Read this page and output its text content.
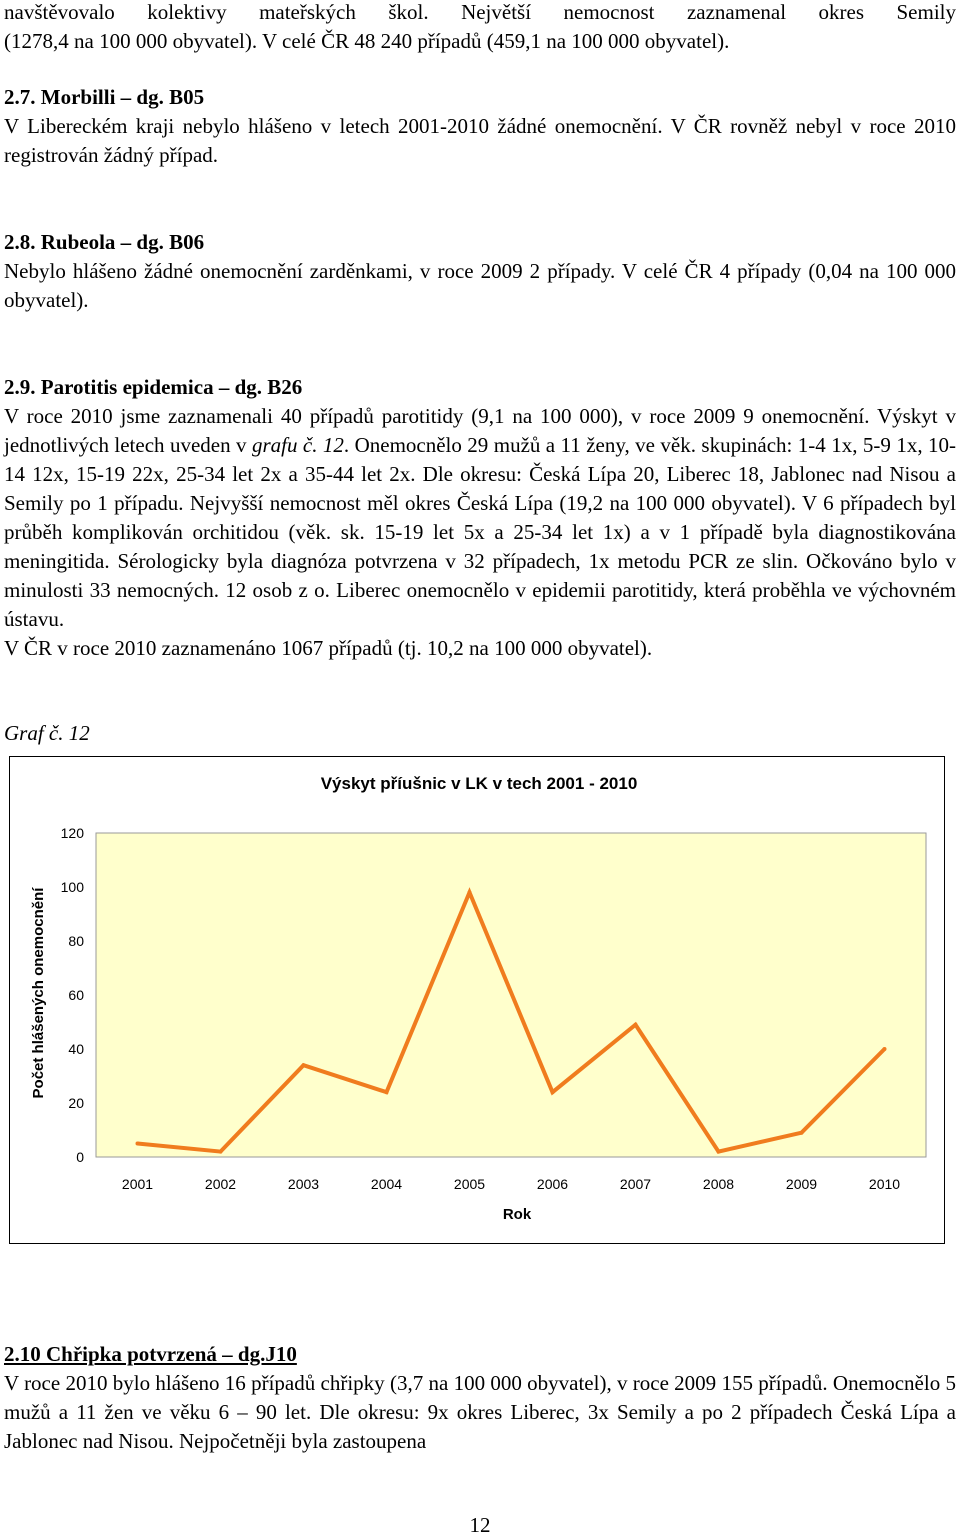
navštěvovalo kolektivy mateřských škol. Největší nemocnost zaznamenal okres Semily

(1278,4 na 100 000 obyvatel). V celé ČR 48 240 případů (459,1 na 100 000 obyvatel).

2.7. Morbilli – dg. B05

V Libereckém kraji nebylo hlášeno v letech 2001-2010 žádné onemocnění. V ČR rovněž nebyl v roce 2010 registrován žádný případ.

2.8. Rubeola – dg. B06

Nebylo hlášeno žádné onemocnění zarděnkami, v roce 2009 2 případy. V celé ČR 4 případy (0,04 na 100 000 obyvatel).

2.9. Parotitis epidemica – dg. B26

V roce 2010 jsme zaznamenali 40 případů parotitidy (9,1 na 100 000), v roce 2009 9 onemocnění. Výskyt v jednotlivých letech uveden v grafu č. 12. Onemocnělo 29 mužů a 11 ženy, ve věk. skupinách: 1-4 1x, 5-9 1x, 10-14 12x, 15-19 22x, 25-34 let 2x a 35-44 let 2x. Dle okresu: Česká Lípa 20, Liberec 18, Jablonec nad Nisou a Semily po 1 případu. Nejvyšší nemocnost měl okres Česká Lípa (19,2 na 100 000 obyvatel). V 6 případech byl průběh komplikován orchitidou (věk. sk. 15-19 let 5x a 25-34 let 1x) a v 1 případě byla diagnostikována meningitida. Sérologicky byla diagnóza potvrzena v 32 případech, 1x metodu PCR ze slin. Očkováno bylo v minulosti 33 nemocných. 12 osob z o. Liberec onemocnělo v epidemii parotitidy, která proběhla ve výchovném ústavu.

V ČR v roce 2010 zaznamenáno 1067 případů (tj. 10,2 na 100 000 obyvatel).

Graf č. 12
2.10 Chřipka potvrzená – dg.J10

V roce 2010 bylo hlášeno 16 případů chřipky (3,7 na 100 000 obyvatel), v roce 2009 155 případů. Onemocnělo 5 mužů a 11 žen ve věku 6 – 90 let. Dle okresu: 9x okres Liberec, 3x Semily a po 2 případech Česká Lípa a Jablonec nad Nisou. Nejpočetněji byla zastoupena

Výskyt příušnic v LK v tech 2001 - 2010
Počet hlášených onemocnění
Rok
0
20
40
60
80
100
120
2001	2002	2003	2004	2005	2006	2007	2008	2009	2010
12
